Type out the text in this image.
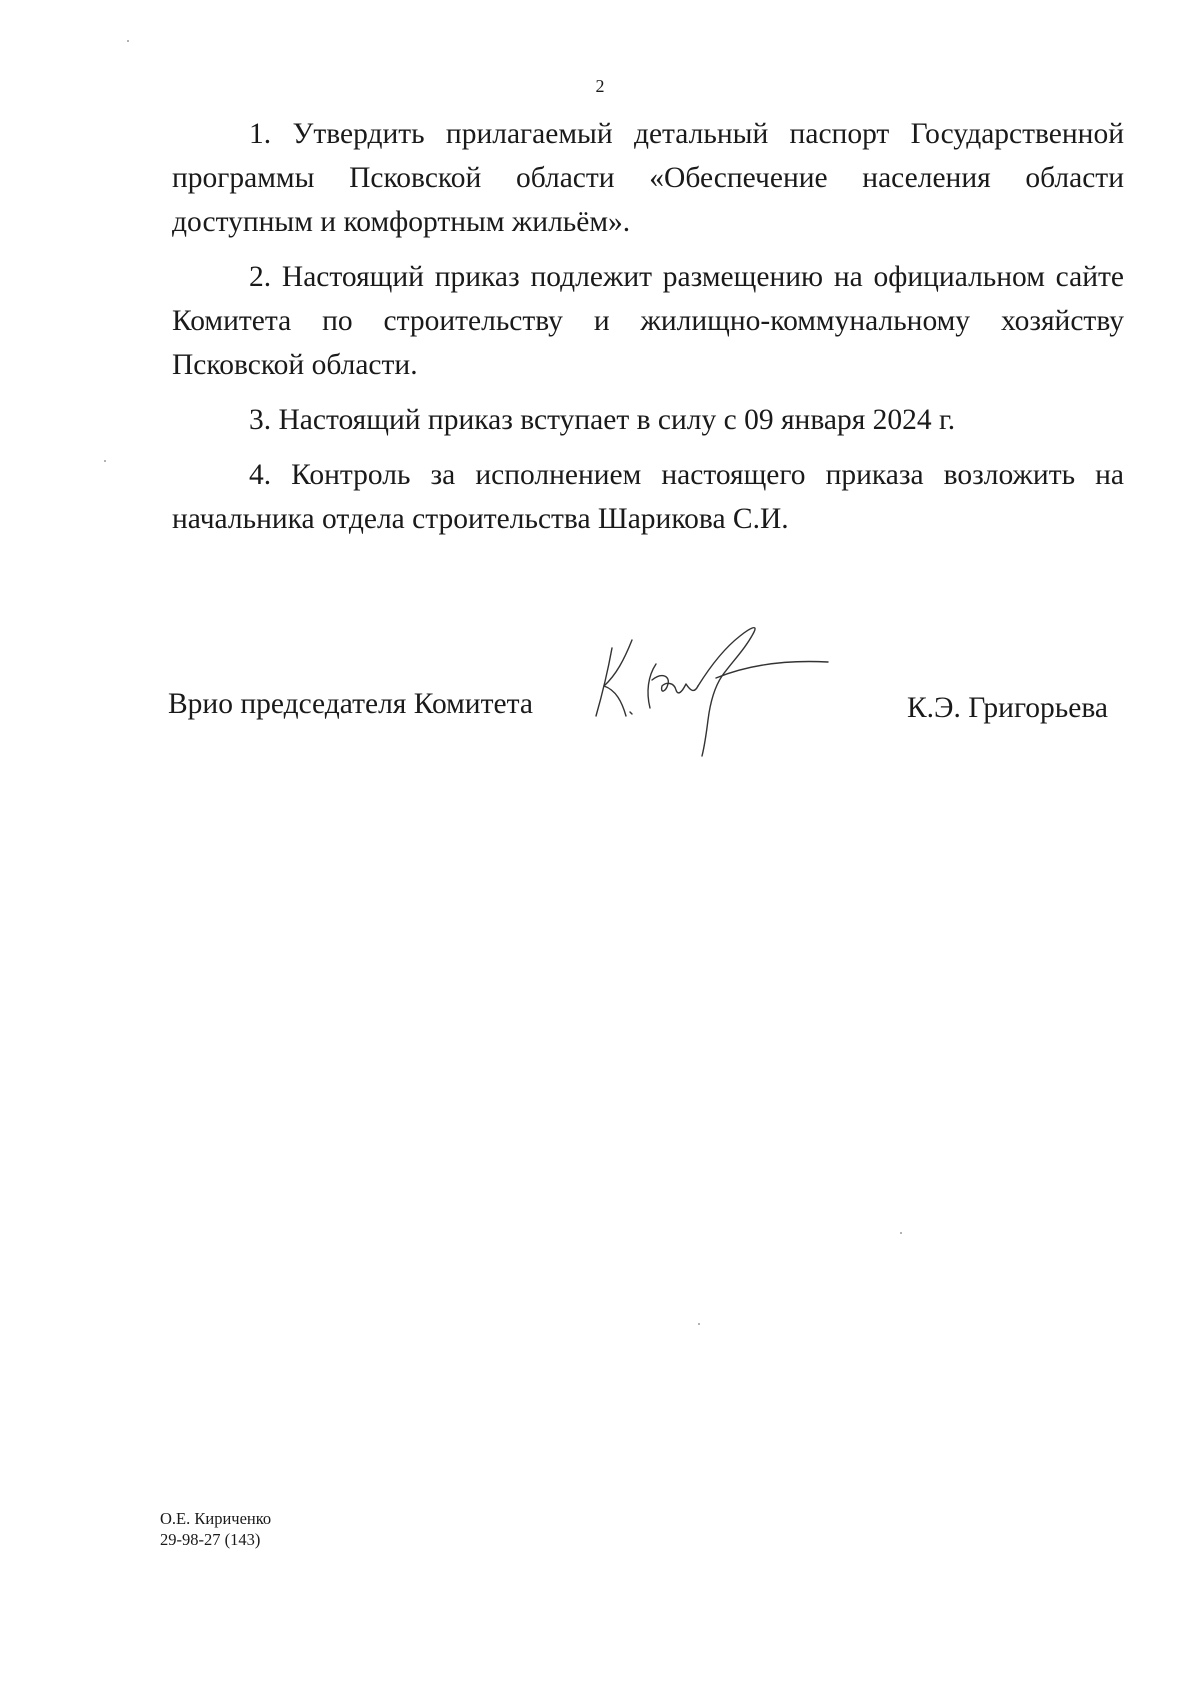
2

1. Утвердить прилагаемый детальный паспорт Государственной программы Псковской области «Обеспечение населения области доступным и комфортным жильём».

2. Настоящий приказ подлежит размещению на официальном сайте Комитета по строительству и жилищно-коммунальному хозяйству Псковской области.

3. Настоящий приказ вступает в силу с 09 января 2024 г.

4. Контроль за исполнением настоящего приказа возложить на начальника отдела строительства Шарикова С.И.

Врио председателя Комитета	К.Э. Григорьева
О.Е. Кириченко
29-98-27 (143)
